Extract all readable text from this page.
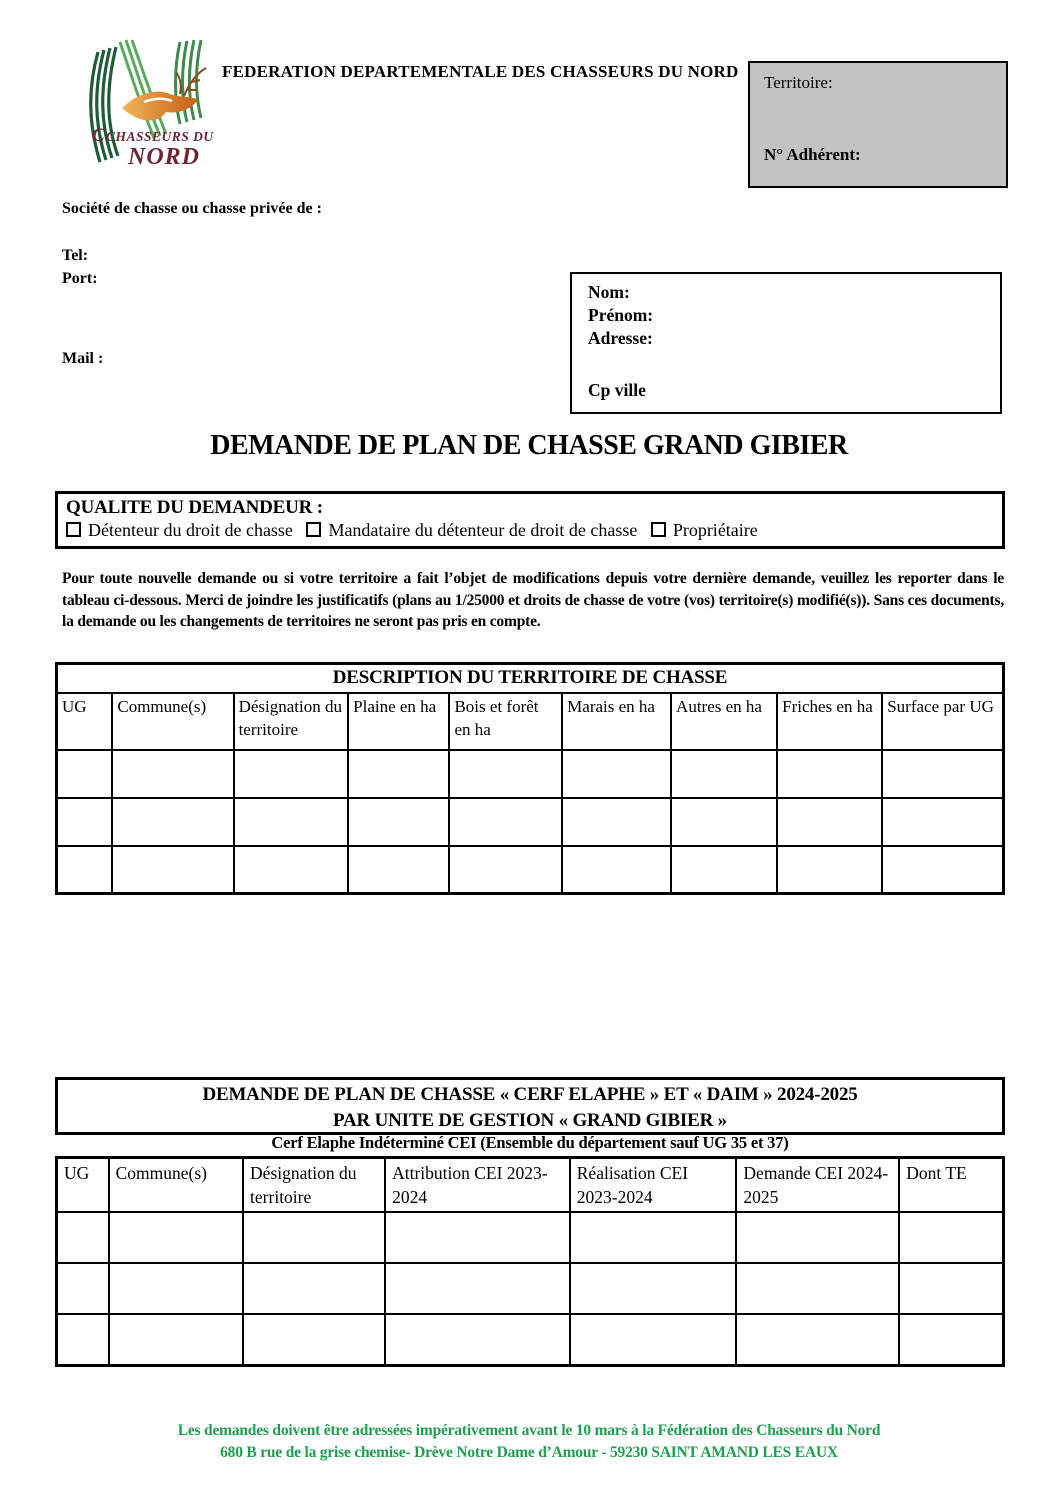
C CHASSEURS DU
NORD
FEDERATION DEPARTEMENTALE DES CHASSEURS DU NORD
Territoire:
N° Adhérent:
Société de chasse ou chasse privée de :
Tel:
Port:
Mail :
Nom:
Prénom:
Adresse:
Cp ville
DEMANDE DE PLAN DE CHASSE GRAND GIBIER
QUALITE DU DEMANDEUR :
Détenteur du droit de chasse Mandataire du détenteur de droit de chasse Propriétaire
Pour toute nouvelle demande ou si votre territoire a fait l’objet de modifications depuis votre dernière demande, veuillez les reporter dans le tableau ci-dessous. Merci de joindre les justificatifs (plans au 1/25000 et droits de chasse de votre (vos) territoire(s) modifié(s)). Sans ces documents, la demande ou les changements de territoires ne seront pas pris en compte.
DESCRIPTION DU TERRITOIRE DE CHASSE								
UG	Commune(s)	Désignation du territoire	Plaine en ha	Bois et forêt en ha	Marais en ha	Autres en ha	Friches en ha	Surface par UG

DEMANDE DE PLAN DE CHASSE « CERF ELAPHE » ET « DAIM » 2024-2025
PAR UNITE DE GESTION « GRAND GIBIER »
Cerf Elaphe Indéterminé CEI (Ensemble du département sauf UG 35 et 37)
UG	Commune(s)	Désignation du territoire	Attribution CEI 2023-2024	Réalisation CEI 2023-2024	Demande CEI 2024-2025	Dont TE

Les demandes doivent être adressées impérativement avant le 10 mars à la Fédération des Chasseurs du Nord
680 B rue de la grise chemise- Drève Notre Dame d’Amour - 59230 SAINT AMAND LES EAUX
